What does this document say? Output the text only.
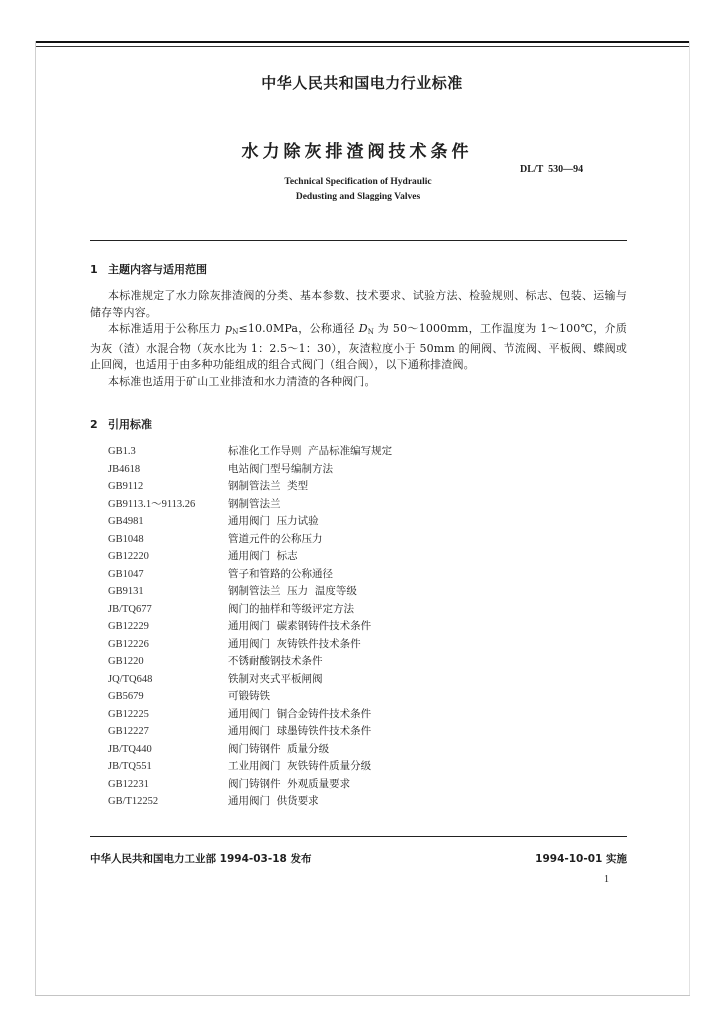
中华人民共和国电力行业标准
水力除灰排渣阀技术条件
DL/T  530—94
Technical Specification of Hydraulic
Dedusting and Slagging Valves
1 主题内容与适用范围

本标准规定了水力除灰排渣阀的分类、基本参数、技术要求、试验方法、检验规则、标志、包装、运输与储存等内容。

本标准适用于公称压力 $p_N\le 10.0MPa$，公称通径 $D_N$ 为 50～1000mm，工作温度为 1～100℃，介质为灰（渣）水混合物（灰水比为 1：2.5～1：30），灰渣粒度小于 50mm 的闸阀、节流阀、平板阀、蝶阀或止回阀，也适用于由多种功能组成的组合式阀门（组合阀），以下通称排渣阀。

本标准也适用于矿山工业排渣和水力清渣的各种阀门。

2 引用标准
GB1.3	标准化工作导则  产品标准编写规定
JB4618	电站阀门型号编制方法
GB9112	钢制管法兰  类型
GB9113.1～9113.26	钢制管法兰
GB4981	通用阀门  压力试验
GB1048	管道元件的公称压力
GB12220	通用阀门  标志
GB1047	管子和管路的公称通径
GB9131	钢制管法兰  压力  温度等级
JB/TQ677	阀门的抽样和等级评定方法
GB12229	通用阀门  碳素钢铸件技术条件
GB12226	通用阀门  灰铸铁件技术条件
GB1220	不锈耐酸钢技术条件
JQ/TQ648	铁制对夹式平板闸阀
GB5679	可锻铸铁
GB12225	通用阀门  铜合金铸件技术条件
GB12227	通用阀门  球墨铸铁件技术条件
JB/TQ440	阀门铸钢件  质量分级
JB/TQ551	工业用阀门  灰铁铸件质量分级
GB12231	阀门铸钢件  外观质量要求
GB/T12252	通用阀门  供货要求
中华人民共和国电力工业部 1994-03-18 发布	1994-10-01 实施
1
